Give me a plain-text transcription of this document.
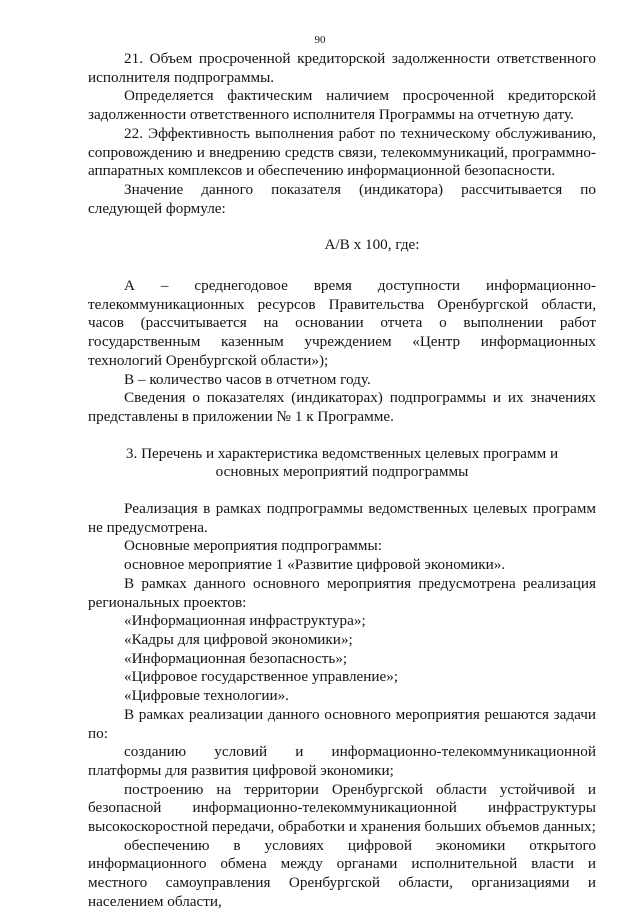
90

21. Объем просроченной кредиторской задолженности ответственного исполнителя подпрограммы.

Определяется фактическим наличием просроченной кредиторской задолженности ответственного исполнителя Программы на отчетную дату.

22. Эффективность выполнения работ по техническому обслуживанию, сопровождению и внедрению средств связи, телекоммуникаций, программно-аппаратных комплексов и обеспечению информационной безопасности.

Значение данного показателя (индикатора) рассчитывается по следующей формуле:

А/В х 100, где:

А – среднегодовое время доступности информационно-телекоммуникационных ресурсов Правительства Оренбургской области, часов (рассчитывается на основании отчета о выполнении работ государственным казенным учреждением «Центр информационных технологий Оренбургской области»);

В – количество часов в отчетном году.

Сведения о показателях (индикаторах) подпрограммы и их значениях представлены в приложении № 1 к Программе.

3. Перечень и характеристика ведомственных целевых программ и

основных мероприятий подпрограммы

Реализация в рамках подпрограммы ведомственных целевых программ не предусмотрена.

Основные мероприятия подпрограммы:

основное мероприятие 1 «Развитие цифровой экономики».

В рамках данного основного мероприятия предусмотрена реализация региональных проектов:

«Информационная инфраструктура»;

«Кадры для цифровой экономики»;

«Информационная безопасность»;

«Цифровое государственное управление»;

«Цифровые технологии».

В рамках реализации данного основного мероприятия решаются задачи по:

созданию условий и информационно-телекоммуникационной платформы для развития цифровой экономики;

построению на территории Оренбургской области устойчивой и безопасной информационно-телекоммуникационной инфраструктуры высокоскоростной передачи, обработки и хранения больших объемов данных;

обеспечению в условиях цифровой экономики открытого информационного обмена между органами исполнительной власти и местного самоуправления Оренбургской области, организациями и населением области,
